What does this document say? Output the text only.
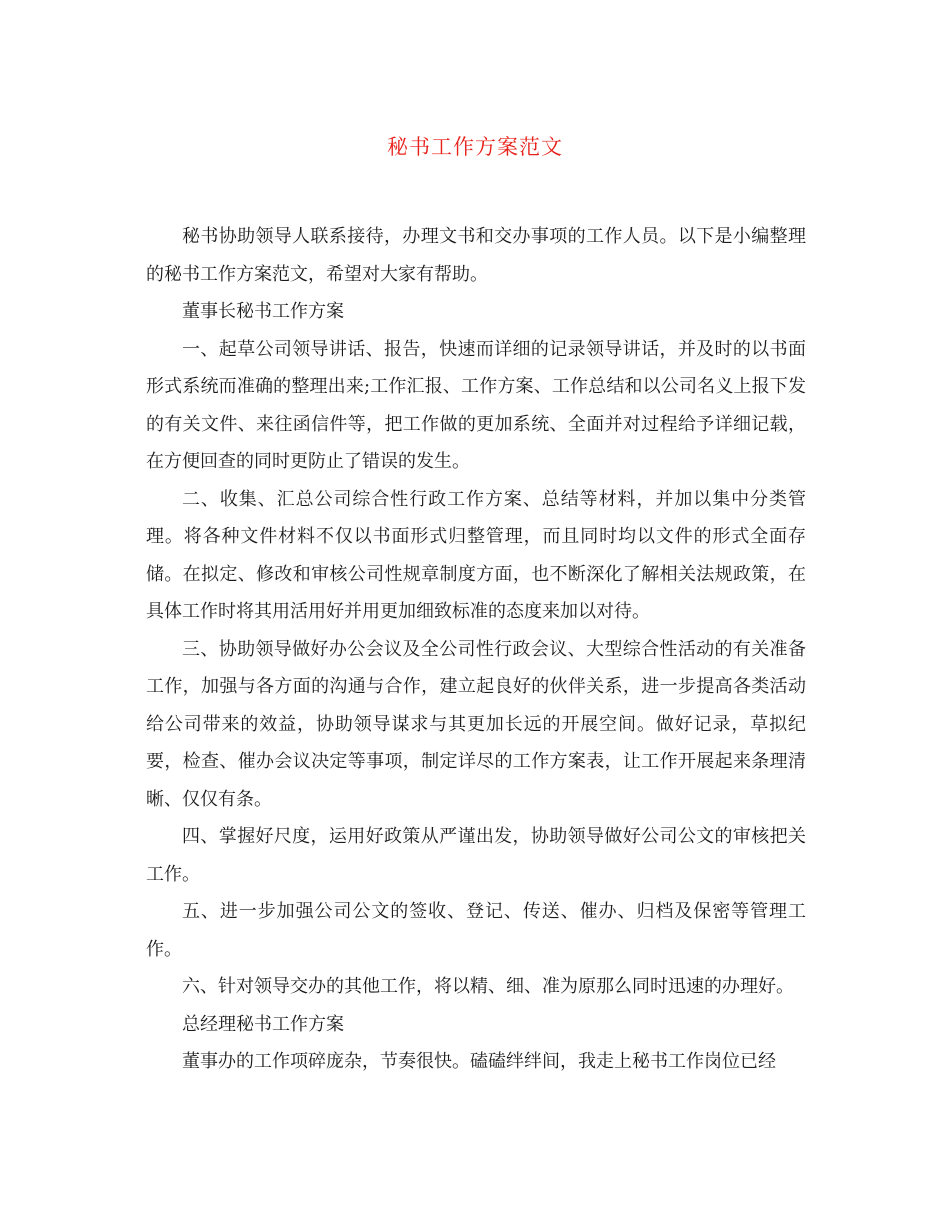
秘书工作方案范文

秘书协助领导人联系接待，办理文书和交办事项的工作人员。以下是小编整理的秘书工作方案范文，希望对大家有帮助。

董事长秘书工作方案

一、起草公司领导讲话、报告，快速而详细的记录领导讲话，并及时的以书面形式系统而准确的整理出来;工作汇报、工作方案、工作总结和以公司名义上报下发的有关文件、来往函信件等，把工作做的更加系统、全面并对过程给予详细记载，在方便回查的同时更防止了错误的发生。

二、收集、汇总公司综合性行政工作方案、总结等材料，并加以集中分类管理。将各种文件材料不仅以书面形式归整管理，而且同时均以文件的形式全面存储。在拟定、修改和审核公司性规章制度方面，也不断深化了解相关法规政策，在具体工作时将其用活用好并用更加细致标准的态度来加以对待。

三、协助领导做好办公会议及全公司性行政会议、大型综合性活动的有关准备工作，加强与各方面的沟通与合作，建立起良好的伙伴关系，进一步提高各类活动给公司带来的效益，协助领导谋求与其更加长远的开展空间。做好记录，草拟纪要，检查、催办会议决定等事项，制定详尽的工作方案表，让工作开展起来条理清晰、仅仅有条。

四、掌握好尺度，运用好政策从严谨出发，协助领导做好公司公文的审核把关工作。

五、进一步加强公司公文的签收、登记、传送、催办、归档及保密等管理工作。

六、针对领导交办的其他工作，将以精、细、准为原那么同时迅速的办理好。

总经理秘书工作方案

董事办的工作项碎庞杂，节奏很快。磕磕绊绊间，我走上秘书工作岗位已经
